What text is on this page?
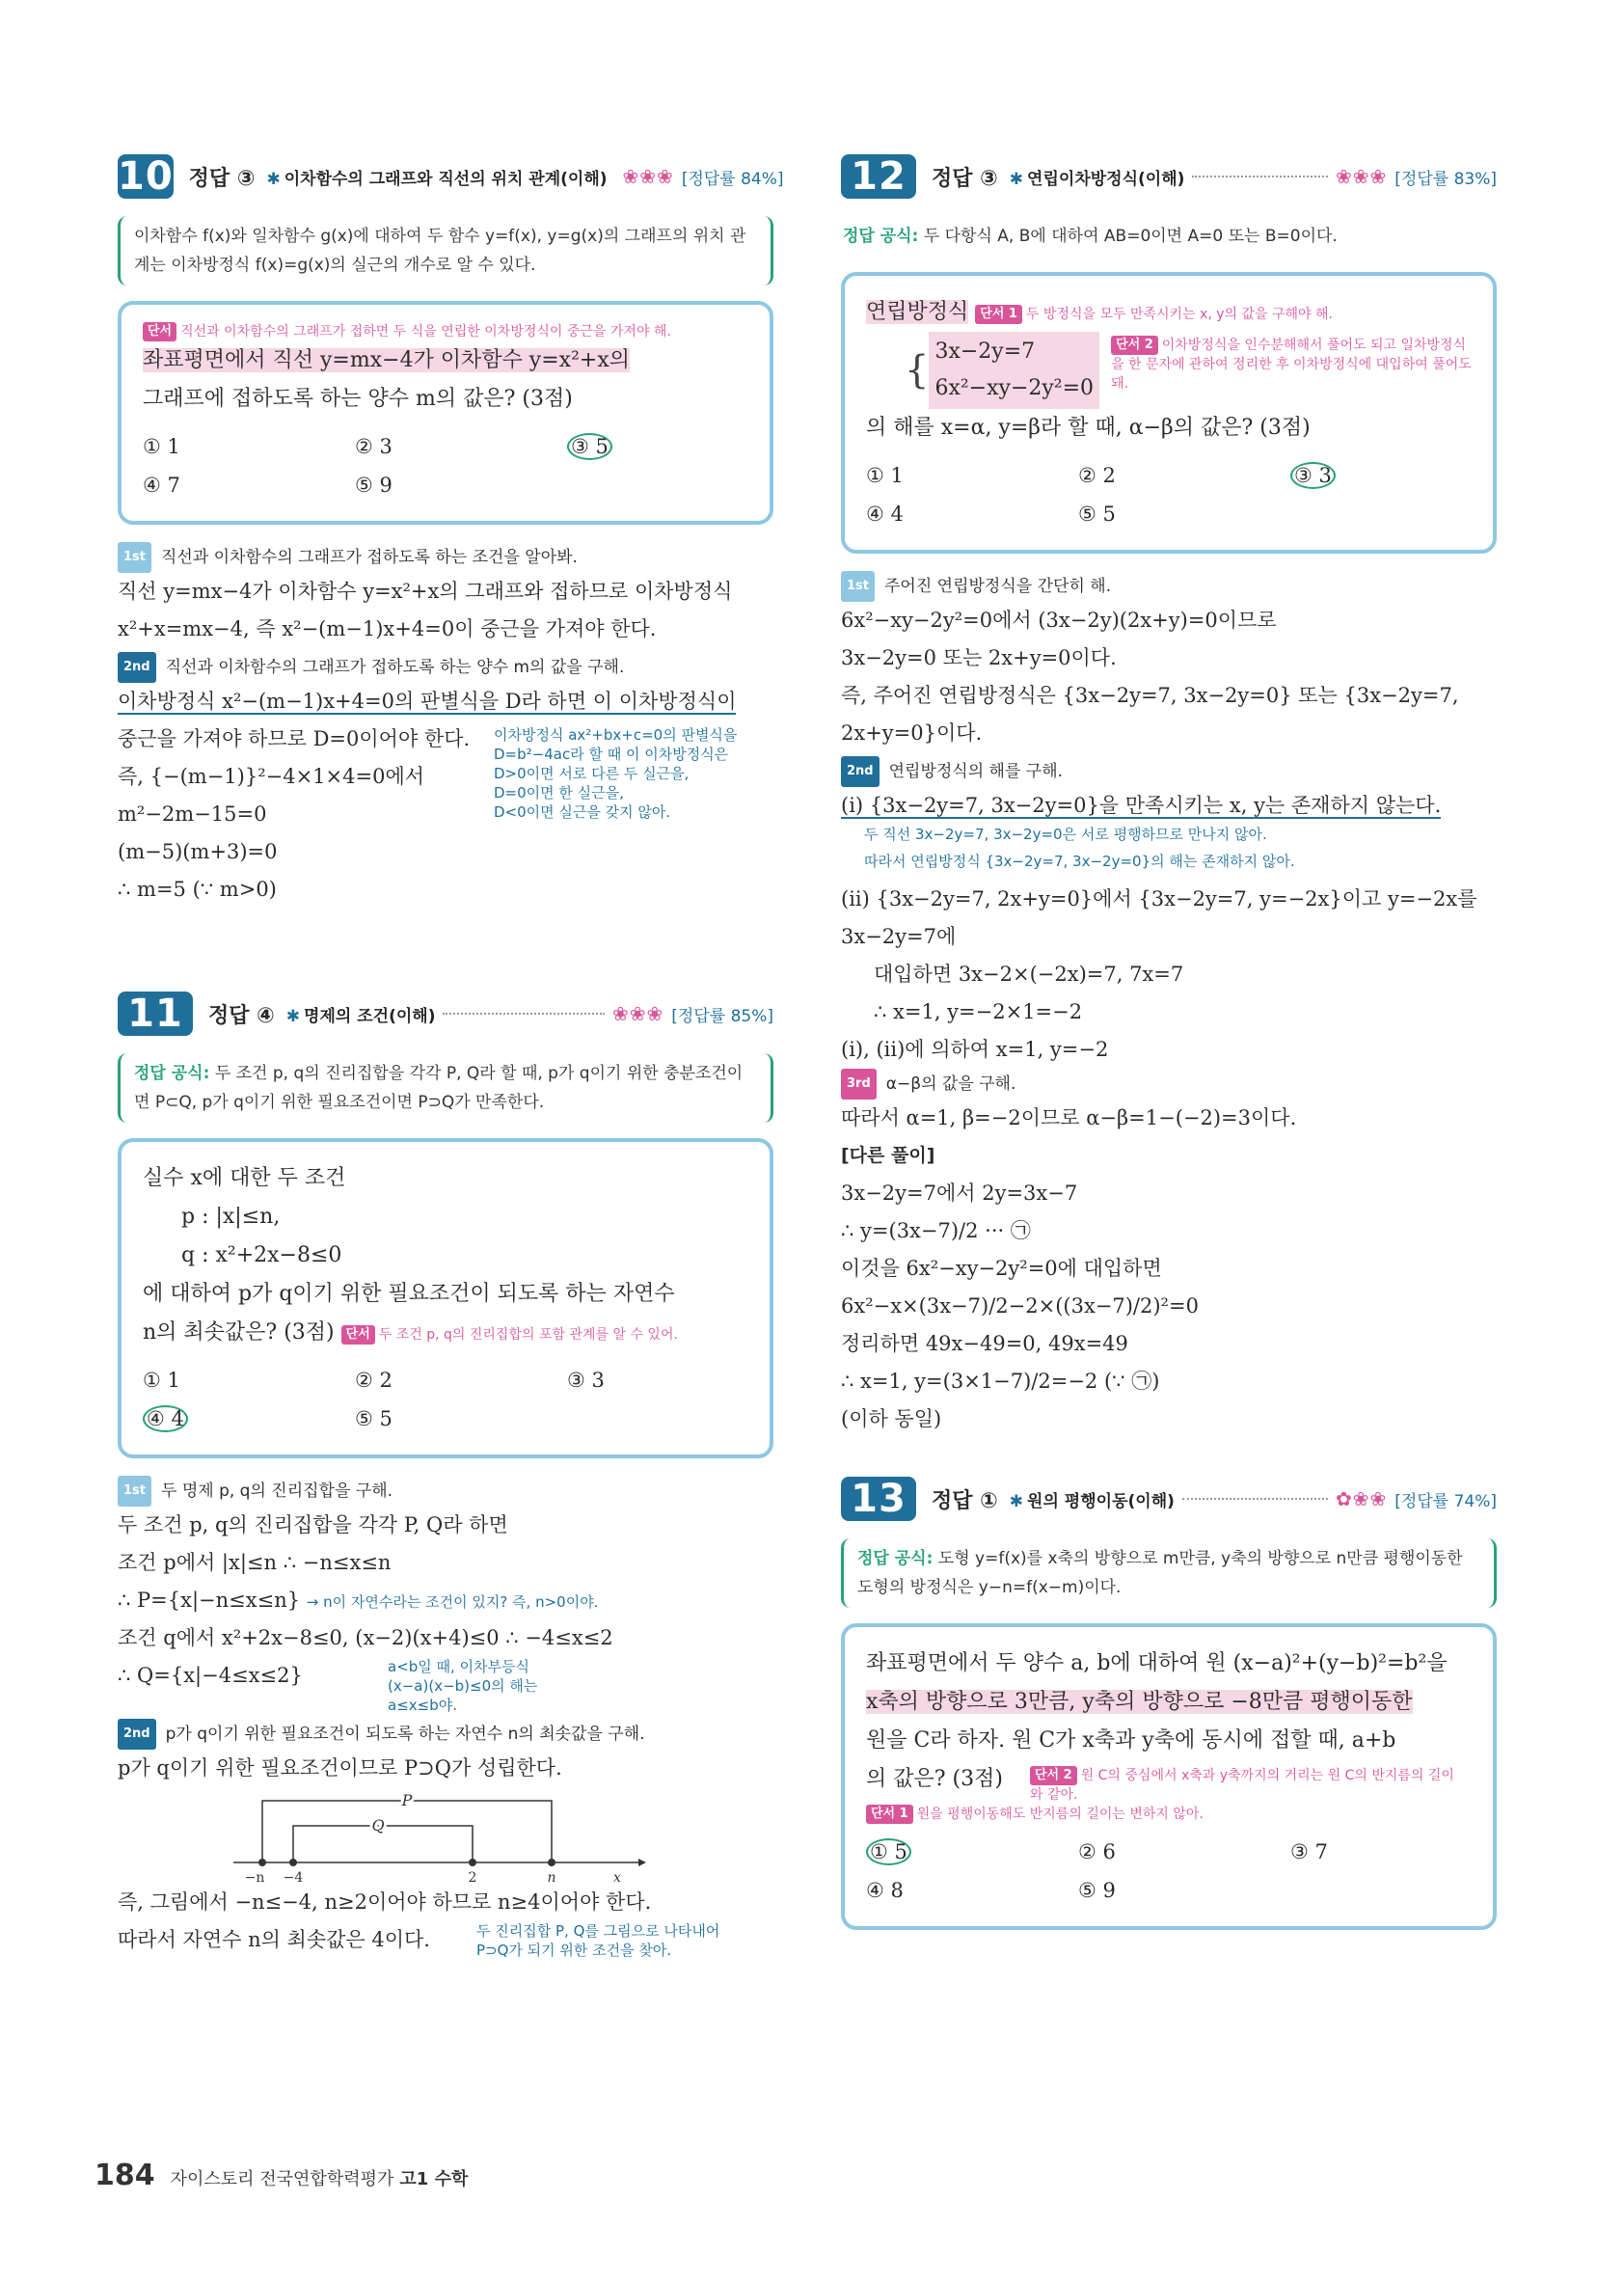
10 정답 ③ ✱ 이차함수의 그래프와 직선의 위치 관계(이해) ❀❀❀ [정답률 84%]
이차함수 f(x)와 일차함수 g(x)에 대하여 두 함수 y=f(x), y=g(x)의 그래프의 위치 관계는 이차방정식 f(x)=g(x)의 실근의 개수로 알 수 있다.
단서 직선과 이차함수의 그래프가 접하면 두 식을 연립한 이차방정식이 중근을 가져야 해.
좌표평면에서 직선 y=mx−4가 이차함수 y=x²+x의
그래프에 접하도록 하는 양수 m의 값은? (3점)
① 1	② 3	③ 5
④ 7	⑤ 9
1st 직선과 이차함수의 그래프가 접하도록 하는 조건을 알아봐.
직선 y=mx−4가 이차함수 y=x²+x의 그래프와 접하므로 이차방정식
x²+x=mx−4, 즉 x²−(m−1)x+4=0이 중근을 가져야 한다.
2nd 직선과 이차함수의 그래프가 접하도록 하는 양수 m의 값을 구해.
이차방정식 x²−(m−1)x+4=0의 판별식을 D라 하면 이 이차방정식이
중근을 가져야 하므로 D=0이어야 한다.
즉, {−(m−1)}²−4×1×4=0에서
m²−2m−15=0
(m−5)(m+3)=0
∴ m=5 (∵ m>0)
이차방정식 ax²+bx+c=0의 판별식을
D=b²−4ac라 할 때 이 이차방정식은
D>0이면 서로 다른 두 실근을,
D=0이면 한 실근을,
D<0이면 실근을 갖지 않아.
11	정답 ④ ✱ 명제의 조건(이해)	❀❀❀ [정답률 85%]
정답 공식: 두 조건 p, q의 진리집합을 각각 P, Q라 할 때, p가 q이기 위한 충분조건이면 P⊂Q, p가 q이기 위한 필요조건이면 P⊃Q가 만족한다.
실수 x에 대한 두 조건
p : |x|≤n,
q : x²+2x−8≤0
에 대하여 p가 q이기 위한 필요조건이 되도록 하는 자연수
n의 최솟값은? (3점) 단서 두 조건 p, q의 진리집합의 포함 관계를 알 수 있어.
① 1	② 2	③ 3
④ 4	⑤ 5
1st 두 명제 p, q의 진리집합을 구해.
두 조건 p, q의 진리집합을 각각 P, Q라 하면
조건 p에서 |x|≤n ∴ −n≤x≤n
∴ P={x|−n≤x≤n} → n이 자연수라는 조건이 있지? 즉, n>0이야.
조건 q에서 x²+2x−8≤0, (x−2)(x+4)≤0 ∴ −4≤x≤2
∴ Q={x|−4≤x≤2}	a<b일 때, 이차부등식
(x−a)(x−b)≤0의 해는
a≤x≤b야.
2nd p가 q이기 위한 필요조건이 되도록 하는 자연수 n의 최솟값을 구해.
p가 q이기 위한 필요조건이므로 P⊃Q가 성립한다.
P
Q
−n −4	2	n	x
즉, 그림에서 −n≤−4, n≥2이어야 하므로 n≥4이어야 한다.
따라서 자연수 n의 최솟값은 4이다.	두 진리집합 P, Q를 그림으로 나타내어
P⊃Q가 되기 위한 조건을 찾아.
12	정답 ③ ✱ 연립이차방정식(이해)	❀❀❀ [정답률 83%]
정답 공식: 두 다항식 A, B에 대하여 AB=0이면 A=0 또는 B=0이다.
연립방정식 단서 1 두 방정식을 모두 만족시키는 x, y의 값을 구해야 해.
{ 3x−2y=7
6x²−xy−2y²=0
단서 2 이차방정식을 인수분해해서 풀어도 되고 일차방정식을 한 문자에 관하여 정리한 후 이차방정식에 대입하여 풀어도 돼.
의 해를 x=α, y=β라 할 때, α−β의 값은? (3점)
① 1	② 2	③ 3
④ 4	⑤ 5
1st 주어진 연립방정식을 간단히 해.
6x²−xy−2y²=0에서 (3x−2y)(2x+y)=0이므로
3x−2y=0 또는 2x+y=0이다.
즉, 주어진 연립방정식은 {3x−2y=7, 3x−2y=0} 또는 {3x−2y=7, 2x+y=0}이다.
2nd 연립방정식의 해를 구해.
(i) {3x−2y=7, 3x−2y=0}을 만족시키는 x, y는 존재하지 않는다.
두 직선 3x−2y=7, 3x−2y=0은 서로 평행하므로 만나지 않아.
따라서 연립방정식 {3x−2y=7, 3x−2y=0}의 해는 존재하지 않아.
(ii) {3x−2y=7, 2x+y=0}에서 {3x−2y=7, y=−2x}이고 y=−2x를 3x−2y=7에
대입하면 3x−2×(−2x)=7, 7x=7
∴ x=1, y=−2×1=−2
(i), (ii)에 의하여 x=1, y=−2
3rd α−β의 값을 구해.
따라서 α=1, β=−2이므로 α−β=1−(−2)=3이다.
[다른 풀이]
3x−2y=7에서 2y=3x−7
∴ y=(3x−7)/2 ··· ㉠
이것을 6x²−xy−2y²=0에 대입하면
6x²−x×(3x−7)/2−2×((3x−7)/2)²=0
정리하면 49x−49=0, 49x=49
∴ x=1, y=(3×1−7)/2=−2 (∵ ㉠)
(이하 동일)
13	정답 ① ✱ 원의 평행이동(이해)	✿❀❀ [정답률 74%]
정답 공식: 도형 y=f(x)를 x축의 방향으로 m만큼, y축의 방향으로 n만큼 평행이동한 도형의 방정식은 y−n=f(x−m)이다.
좌표평면에서 두 양수 a, b에 대하여 원 (x−a)²+(y−b)²=b²을
x축의 방향으로 3만큼, y축의 방향으로 −8만큼 평행이동한
원을 C라 하자. 원 C가 x축과 y축에 동시에 접할 때, a+b
의 값은? (3점)	단서 2 원 C의 중심에서 x축과 y축까지의 거리는 원 C의 반지름의 길이와 같아.
단서 1 원을 평행이동해도 반지름의 길이는 변하지 않아.
① 5	② 6	③ 7
④ 8	⑤ 9
184 자이스토리 전국연합학력평가 고1 수학
